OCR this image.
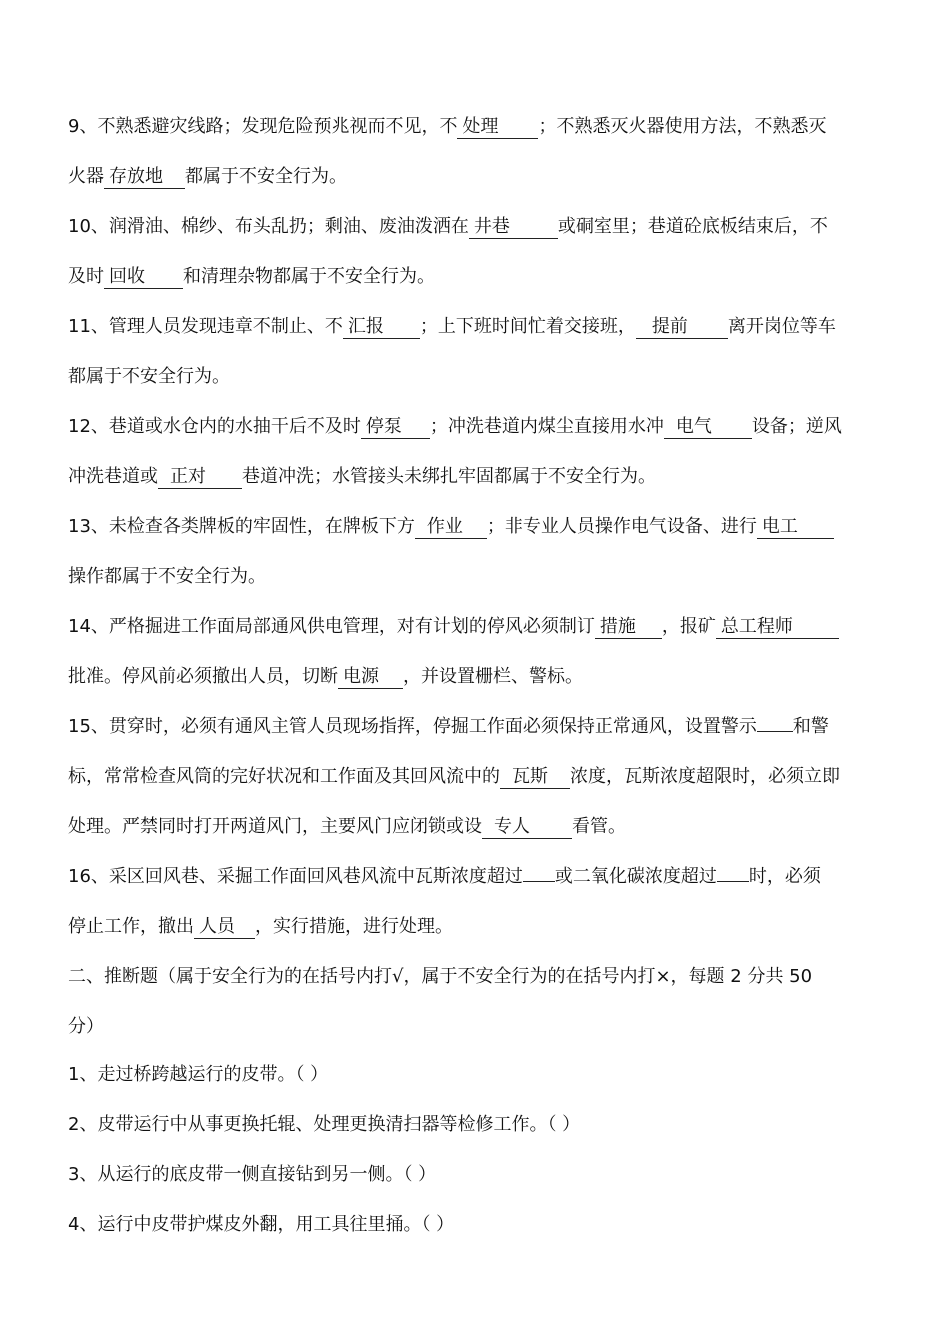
9、不熟悉避灾线路；发现危险预兆视而不见，不 处理 ；不熟悉灭火器使用方法，不熟悉灭
火器 存放地 都属于不安全行为。
10、润滑油、棉纱、布头乱扔；剩油、废油泼洒在 井巷	或硐室里；巷道砼底板结束后，不
及时 回收 和清理杂物都属于不安全行为。
11、管理人员发现违章不制止、不 汇报 ；上下班时间忙着交接班， 提前 离开岗位等车
都属于不安全行为。
12、巷道或水仓内的水抽干后不及时 停泵 ；冲洗巷道内煤尘直接用水冲 电气 设备；逆风
冲洗巷道或 正对 巷道冲洗；水管接头未绑扎牢固都属于不安全行为。
13、未检查各类牌板的牢固性，在牌板下方 作业 ；非专业人员操作电气设备、进行 电工
操作都属于不安全行为。
14、严格掘进工作面局部通风供电管理，对有计划的停风必须制订 措施 ，报矿 总工程师
批准。停风前必须撤出人员，切断 电源 ，并设置栅栏、警标。
15、贯穿时，必须有通风主管人员现场指挥，停掘工作面必须保持正常通风，设置警示 和警
标，常常检查风筒的完好状况和工作面及其回风流中的 瓦斯 浓度，瓦斯浓度超限时，必须立即
处理。严禁同时打开两道风门，主要风门应闭锁或设 专人 看管。
16、采区回风巷、采掘工作面回风巷风流中瓦斯浓度超过 或二氧化碳浓度超过 时，必须
停止工作，撤出 人员 ，实行措施，进行处理。
二、推断题（属于安全行为的在括号内打√，属于不安全行为的在括号内打×，每题 2 分共 50
分）
1、走过桥跨越运行的皮带。（ ）
2、皮带运行中从事更换托辊、处理更换清扫器等检修工作。（ ）
3、从运行的底皮带一侧直接钻到另一侧。（ ）
4、运行中皮带护煤皮外翻，用工具往里捅。（ ）
